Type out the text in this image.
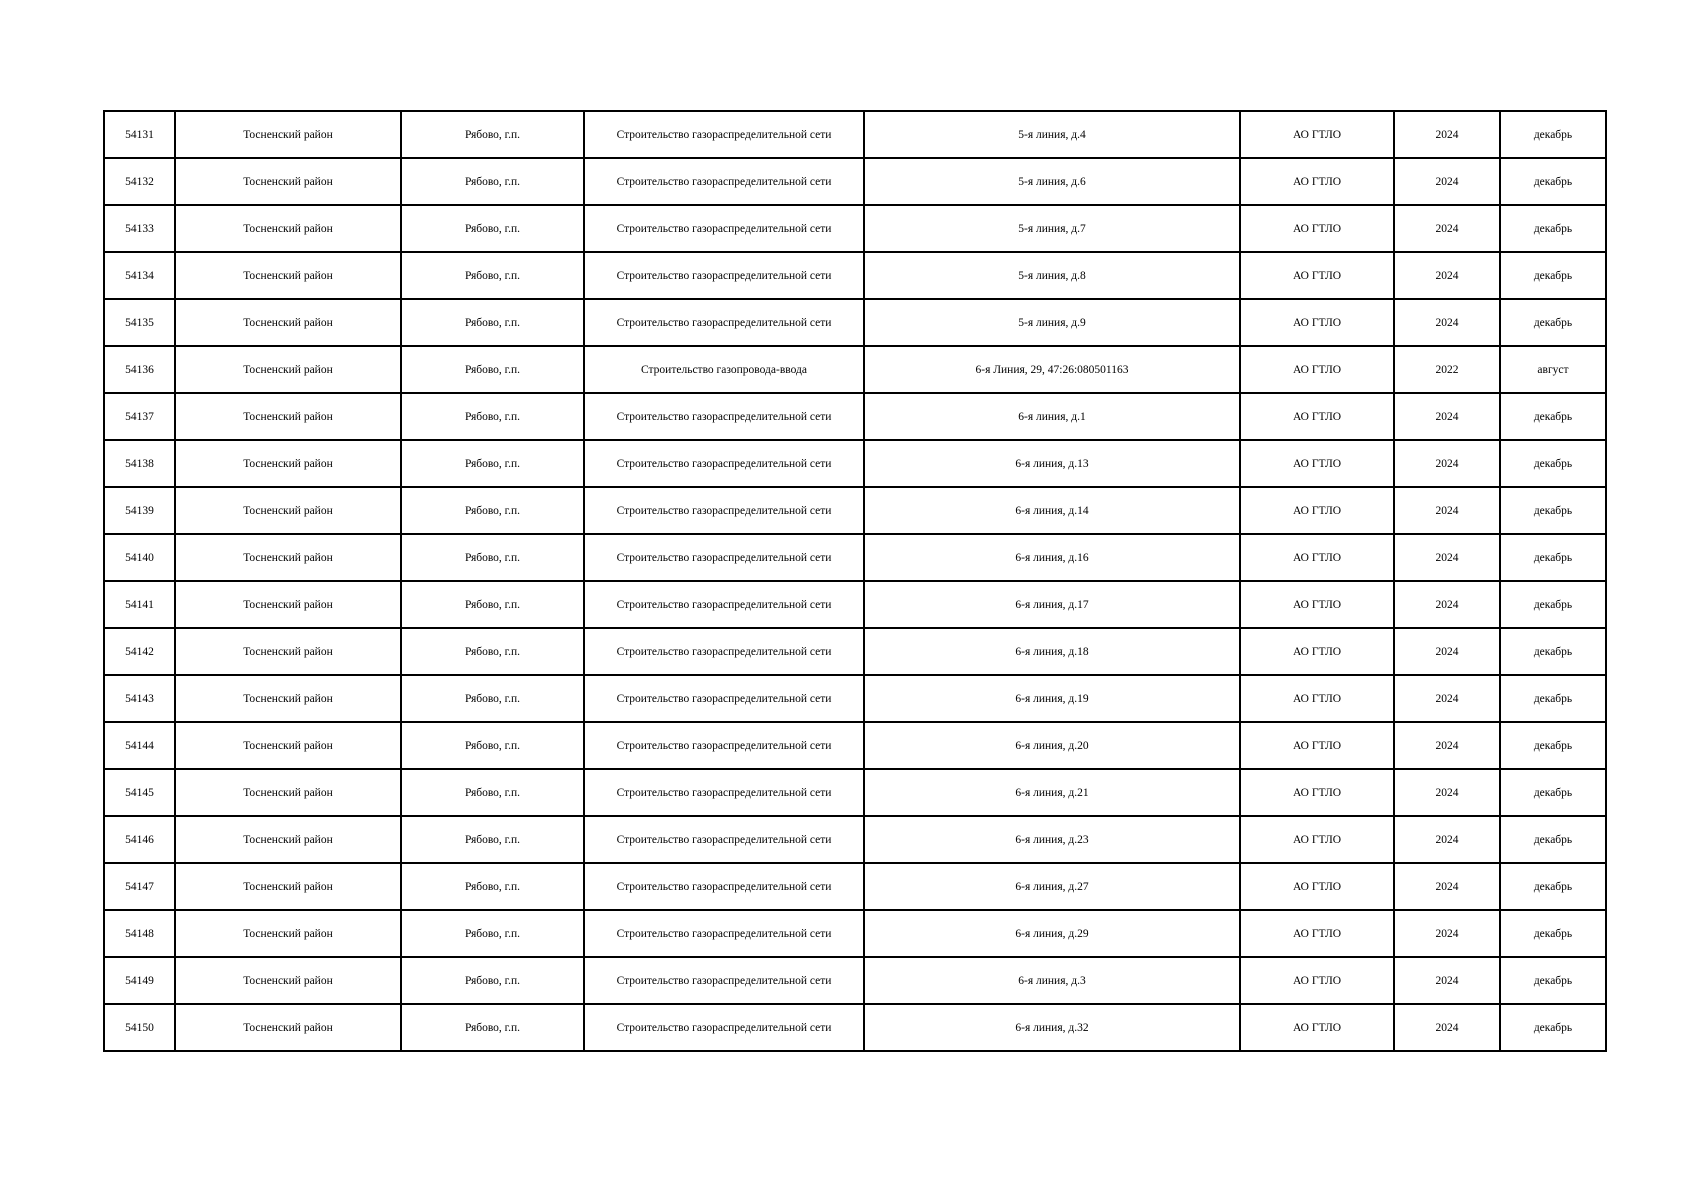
54131	Тосненский район	Рябово, г.п.	Строительство газораспределительной сети	5-я линия, д.4	АО ГТЛО	2024	декабрь
54132	Тосненский район	Рябово, г.п.	Строительство газораспределительной сети	5-я линия, д.6	АО ГТЛО	2024	декабрь
54133	Тосненский район	Рябово, г.п.	Строительство газораспределительной сети	5-я линия, д.7	АО ГТЛО	2024	декабрь
54134	Тосненский район	Рябово, г.п.	Строительство газораспределительной сети	5-я линия, д.8	АО ГТЛО	2024	декабрь
54135	Тосненский район	Рябово, г.п.	Строительство газораспределительной сети	5-я линия, д.9	АО ГТЛО	2024	декабрь
54136	Тосненский район	Рябово, г.п.	Строительство газопровода-ввода	6-я Линия, 29, 47:26:080501163	АО ГТЛО	2022	август
54137	Тосненский район	Рябово, г.п.	Строительство газораспределительной сети	6-я линия, д.1	АО ГТЛО	2024	декабрь
54138	Тосненский район	Рябово, г.п.	Строительство газораспределительной сети	6-я линия, д.13	АО ГТЛО	2024	декабрь
54139	Тосненский район	Рябово, г.п.	Строительство газораспределительной сети	6-я линия, д.14	АО ГТЛО	2024	декабрь
54140	Тосненский район	Рябово, г.п.	Строительство газораспределительной сети	6-я линия, д.16	АО ГТЛО	2024	декабрь
54141	Тосненский район	Рябово, г.п.	Строительство газораспределительной сети	6-я линия, д.17	АО ГТЛО	2024	декабрь
54142	Тосненский район	Рябово, г.п.	Строительство газораспределительной сети	6-я линия, д.18	АО ГТЛО	2024	декабрь
54143	Тосненский район	Рябово, г.п.	Строительство газораспределительной сети	6-я линия, д.19	АО ГТЛО	2024	декабрь
54144	Тосненский район	Рябово, г.п.	Строительство газораспределительной сети	6-я линия, д.20	АО ГТЛО	2024	декабрь
54145	Тосненский район	Рябово, г.п.	Строительство газораспределительной сети	6-я линия, д.21	АО ГТЛО	2024	декабрь
54146	Тосненский район	Рябово, г.п.	Строительство газораспределительной сети	6-я линия, д.23	АО ГТЛО	2024	декабрь
54147	Тосненский район	Рябово, г.п.	Строительство газораспределительной сети	6-я линия, д.27	АО ГТЛО	2024	декабрь
54148	Тосненский район	Рябово, г.п.	Строительство газораспределительной сети	6-я линия, д.29	АО ГТЛО	2024	декабрь
54149	Тосненский район	Рябово, г.п.	Строительство газораспределительной сети	6-я линия, д.3	АО ГТЛО	2024	декабрь
54150	Тосненский район	Рябово, г.п.	Строительство газораспределительной сети	6-я линия, д.32	АО ГТЛО	2024	декабрь
